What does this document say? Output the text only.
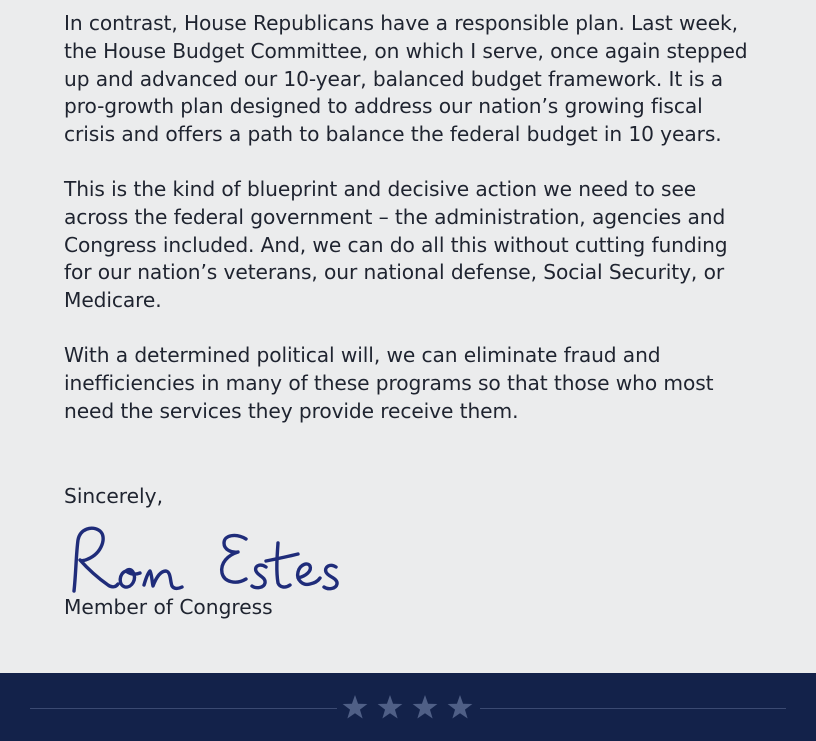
In contrast, House Republicans have a responsible plan. Last week, the House Budget Committee, on which I serve, once again stepped up and advanced our 10-year, balanced budget framework. It is a pro-growth plan designed to address our nation’s growing fiscal crisis and offers a path to balance the federal budget in 10 years.

This is the kind of blueprint and decisive action we need to see across the federal government – the administration, agencies and Congress included. And, we can do all this without cutting funding for our nation’s veterans, our national defense, Social Security, or Medicare.

With a determined political will, we can eliminate fraud and inefficiencies in many of these programs so that those who most need the services they provide receive them.

Sincerely,

Member of Congress
